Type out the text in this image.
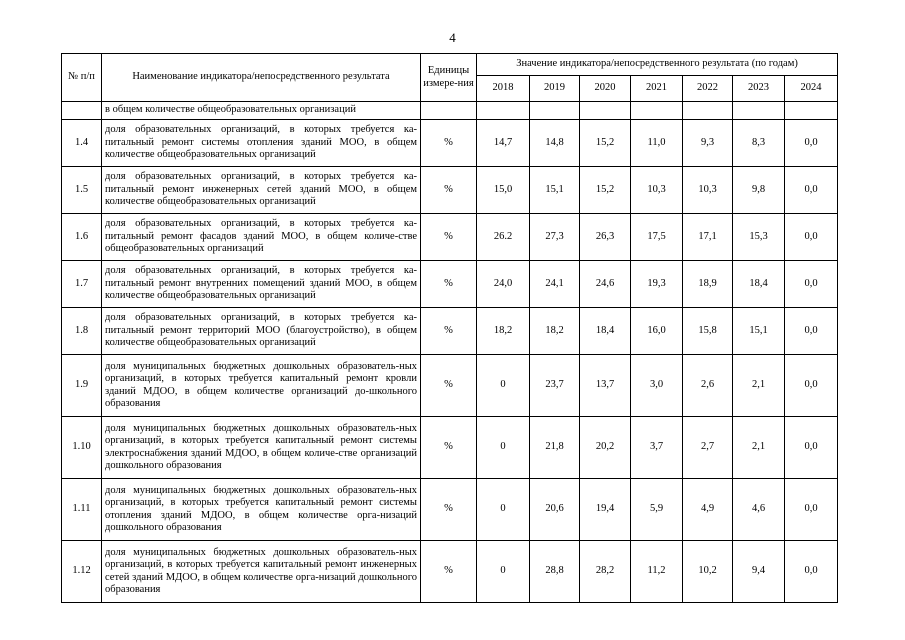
4
№ п/п	Наименование индикатора/непосредственного результата	Единицы измере-ния	Значение индикатора/непосредственного результата (по годам)						
			2018	2019	2020	2021	2022	2023	2024
	в общем количестве общеобразовательных организаций								
1.4	доля образовательных организаций, в которых требуется ка-питальный ремонт системы отопления зданий МОО, в общем количестве общеобразовательных организаций	%	14,7	14,8	15,2	11,0	9,3	8,3	0,0
1.5	доля образовательных организаций, в которых требуется ка-питальный ремонт инженерных сетей зданий МОО, в общем количестве общеобразовательных организаций	%	15,0	15,1	15,2	10,3	10,3	9,8	0,0
1.6	доля образовательных организаций, в которых требуется ка-питальный ремонт фасадов зданий МОО, в общем количе-стве общеобразовательных организаций	%	26.2	27,3	26,3	17,5	17,1	15,3	0,0
1.7	доля образовательных организаций, в которых требуется ка-питальный ремонт внутренних помещений зданий МОО, в общем количестве общеобразовательных организаций	%	24,0	24,1	24,6	19,3	18,9	18,4	0,0
1.8	доля образовательных организаций, в которых требуется ка-питальный ремонт территорий МОО (благоустройство), в общем количестве общеобразовательных организаций	%	18,2	18,2	18,4	16,0	15,8	15,1	0,0
1.9	доля муниципальных бюджетных дошкольных образователь-ных организаций, в которых требуется капитальный ремонт кровли зданий МДОО, в общем количестве организаций до-школьного образования	%	0	23,7	13,7	3,0	2,6	2,1	0,0
1.10	доля муниципальных бюджетных дошкольных образователь-ных организаций, в которых требуется капитальный ремонт системы электроснабжения зданий МДОО, в общем количе-стве организаций дошкольного образования	%	0	21,8	20,2	3,7	2,7	2,1	0,0
1.11	доля муниципальных бюджетных дошкольных образователь-ных организаций, в которых требуется капитальный ремонт системы отопления зданий МДОО, в общем количестве орга-низаций дошкольного образования	%	0	20,6	19,4	5,9	4,9	4,6	0,0
1.12	доля муниципальных бюджетных дошкольных образователь-ных организаций, в которых требуется капитальный ремонт инженерных сетей зданий МДОО, в общем количестве орга-низаций дошкольного образования	%	0	28,8	28,2	11,2	10,2	9,4	0,0
